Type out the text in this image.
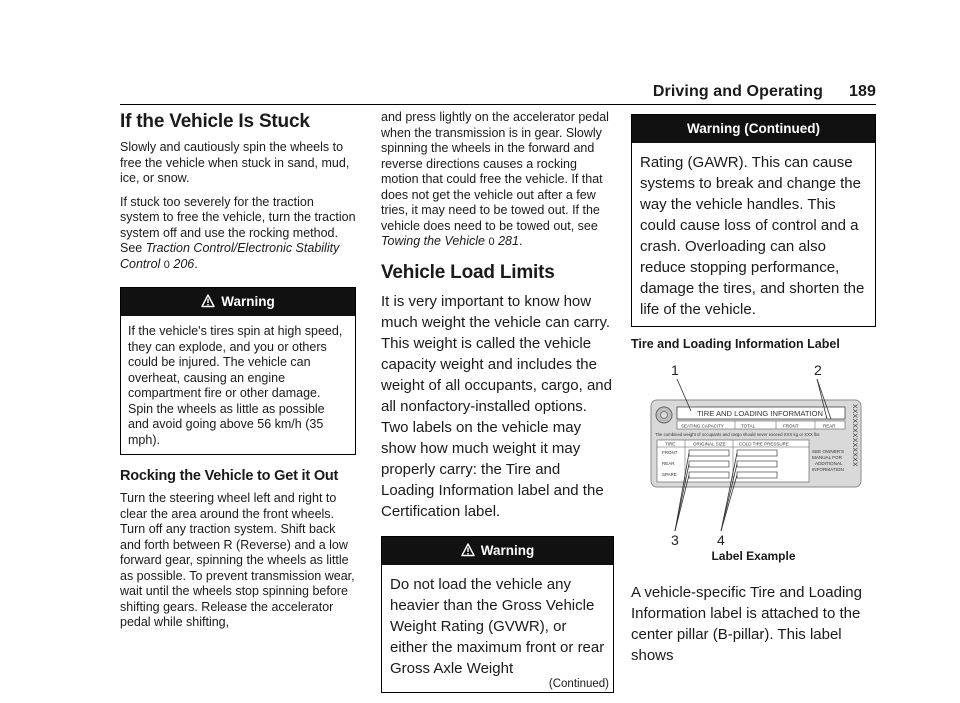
Driving and Operating 189
If the Vehicle Is Stuck

Slowly and cautiously spin the wheels to free the vehicle when stuck in sand, mud, ice, or snow.

If stuck too severely for the traction system to free the vehicle, turn the traction system off and use the rocking method. See Traction Control/Electronic Stability Control 0 206.

Warning
If the vehicle's tires spin at high speed, they can explode, and you or others could be injured. The vehicle can overheat, causing an engine compartment fire or other damage. Spin the wheels as little as possible and avoid going above 56 km/h (35 mph).
Rocking the Vehicle to Get it Out

Turn the steering wheel left and right to clear the area around the front wheels. Turn off any traction system. Shift back and forth between R (Reverse) and a low forward gear, spinning the wheels as little as possible. To prevent transmission wear, wait until the wheels stop spinning before shifting gears. Release the accelerator pedal while shifting,

and press lightly on the accelerator pedal when the transmission is in gear. Slowly spinning the wheels in the forward and reverse directions causes a rocking motion that could free the vehicle. If that does not get the vehicle out after a few tries, it may need to be towed out. If the vehicle does need to be towed out, see Towing the Vehicle 0 281.

Vehicle Load Limits

It is very important to know how much weight the vehicle can carry. This weight is called the vehicle capacity weight and includes the weight of all occupants, cargo, and all nonfactory-installed options. Two labels on the vehicle may show how much weight it may properly carry: the Tire and Loading Information label and the Certification label.

Warning
Do not load the vehicle any heavier than the Gross Vehicle Weight Rating (GVWR), or either the maximum front or rear Gross Axle Weight
(Continued)
Warning (Continued)
Rating (GAWR). This can cause systems to break and change the way the vehicle handles. This could cause loss of control and a crash. Overloading can also reduce stopping performance, damage the tires, and shorten the life of the vehicle.
Tire and Loading Information Label
1	2
3	4
TIRE AND LOADING INFORMATION
SEATING CAPACITY	TOTAL	FRONT	REAR
The combined weight of occupants and cargo should never exceed XXX kg or XXX lbs
TIRE	ORIGINAL SIZE	COLD TIRE PRESSURE
FRONT
REAR
SPARE
SEE OWNER'S
MANUAL FOR
ADDITIONAL
INFORMATION
XXXXXXXXXXXXX
Label Example

A vehicle-specific Tire and Loading Information label is attached to the center pillar (B-pillar). This label shows
